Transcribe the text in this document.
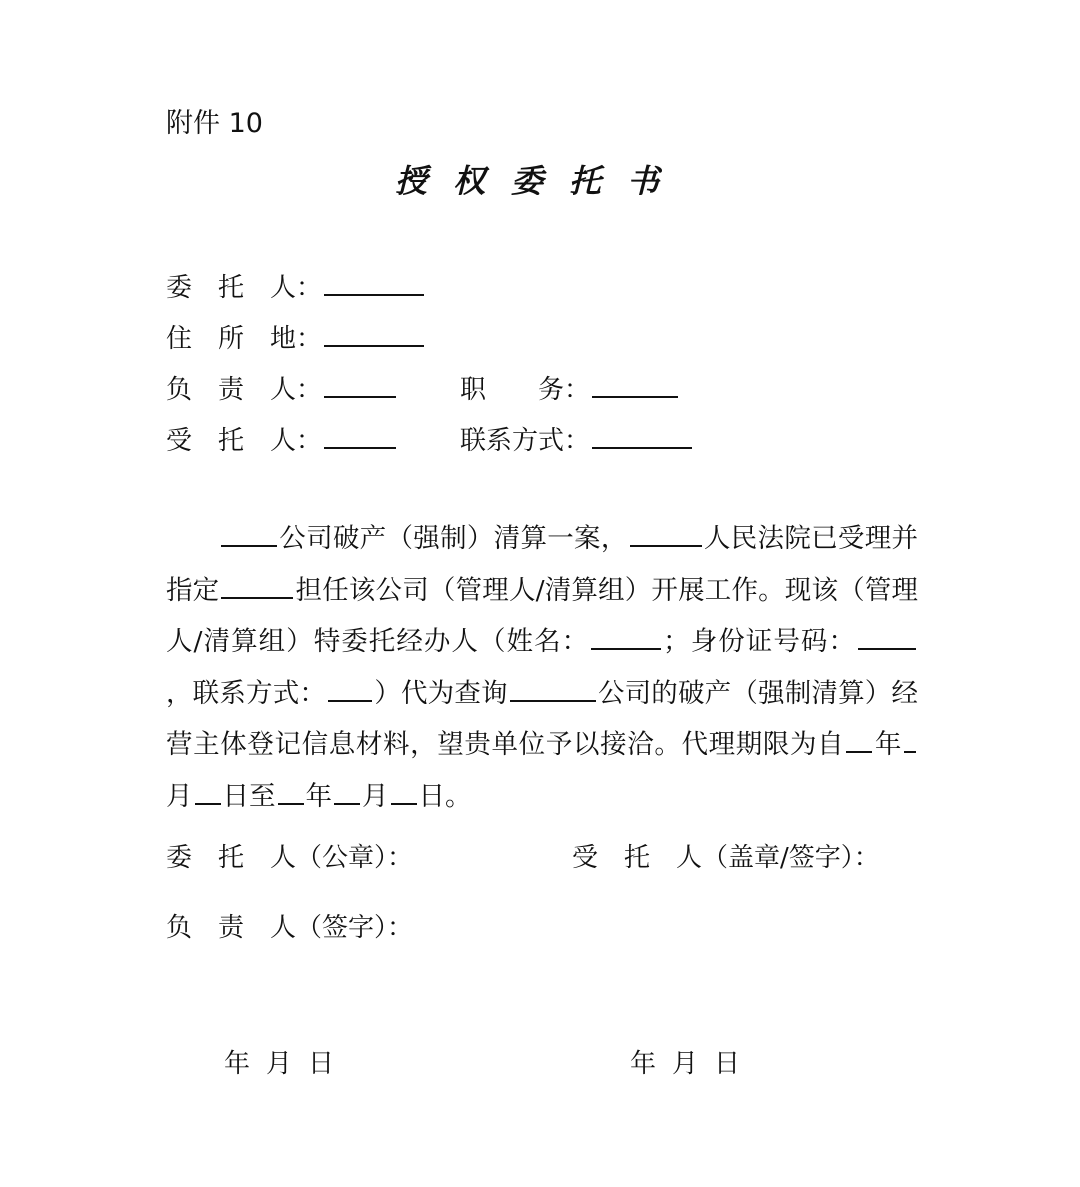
附件 10
授权委托书
委　托　人：
住　所　地：
负　责　人：	职　　务：
受　托　人：	联系方式：
公司破产（强制）清算一案，	人民法院已受理并指定	担任该公司（管理人/清算组）开展工作。现该（管理人/清算组）特委托经办人（姓名：	；身份证号码：，联系方式： ）代为查询	公司的破产（强制清算）经营主体登记信息材料，望贵单位予以接洽。代理期限为自 年月 日至 年 月 日。
委　托　人（公章）：	受　托　人（盖章/签字）：
负　责　人（签字）：
年 月 日	年 月 日
